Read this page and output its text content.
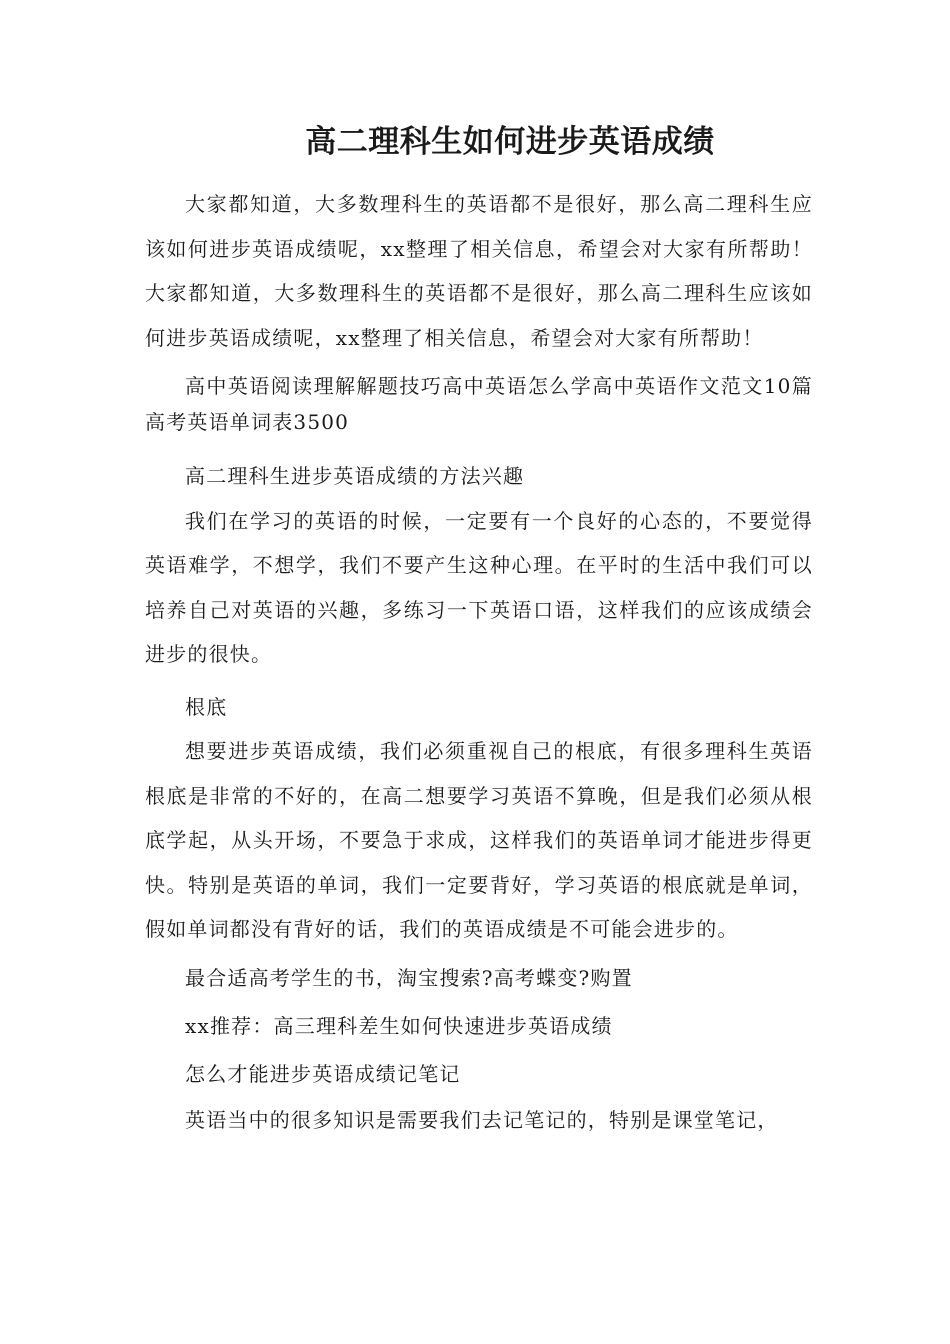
高二理科生如何进步英语成绩

大家都知道，大多数理科生的英语都不是很好，那么高二理科生应该如何进步英语成绩呢，xx整理了相关信息，希望会对大家有所帮助！大家都知道，大多数理科生的英语都不是很好，那么高二理科生应该如何进步英语成绩呢，xx整理了相关信息，希望会对大家有所帮助！

高中英语阅读理解解题技巧高中英语怎么学高中英语作文范文10篇高考英语单词表3500

高二理科生进步英语成绩的方法兴趣

我们在学习的英语的时候，一定要有一个良好的心态的，不要觉得英语难学，不想学，我们不要产生这种心理。在平时的生活中我们可以培养自己对英语的兴趣，多练习一下英语口语，这样我们的应该成绩会进步的很快。

根底

想要进步英语成绩，我们必须重视自己的根底，有很多理科生英语根底是非常的不好的，在高二想要学习英语不算晚，但是我们必须从根底学起，从头开场，不要急于求成，这样我们的英语单词才能进步得更快。特别是英语的单词，我们一定要背好，学习英语的根底就是单词，假如单词都没有背好的话，我们的英语成绩是不可能会进步的。

最合适高考学生的书，淘宝搜索?高考蝶变?购置

xx推荐：高三理科差生如何快速进步英语成绩

怎么才能进步英语成绩记笔记

英语当中的很多知识是需要我们去记笔记的，特别是课堂笔记，
